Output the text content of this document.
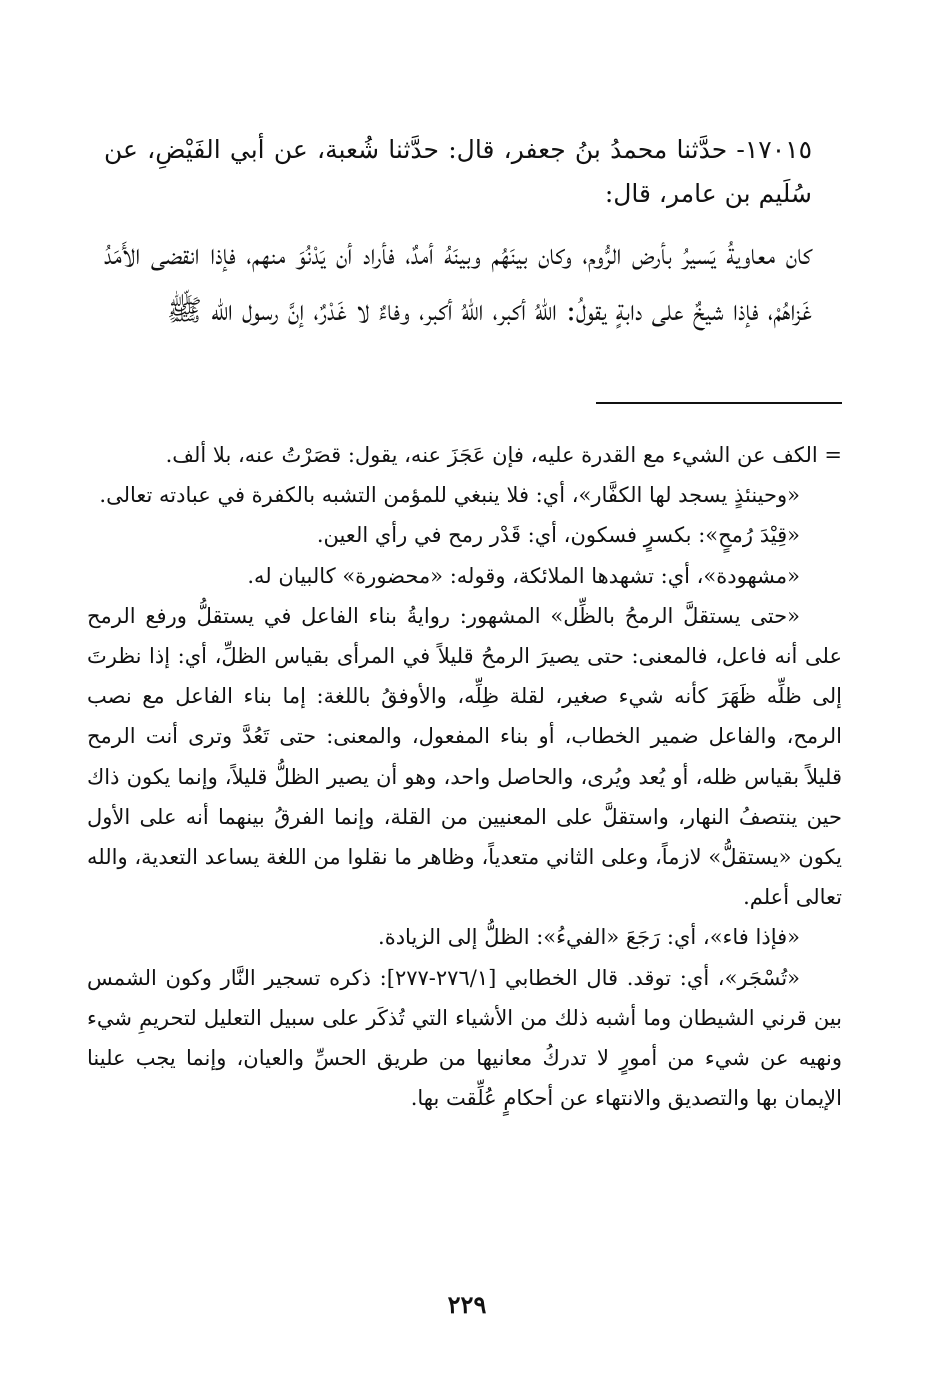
١٧٠١٥- حدَّثنا محمدُ بنُ جعفر، قال: حدَّثنا شُعبة، عن أبي الفَيْضِ، عن سُلَيم بن عامر، قال:

كان معاويةُ يَسيرُ بأرض الرُّوم، وكان بينَهُم وبينَهُ أمدٌ، فأراد أن يَدْنُوَ منهم، فإذا انقضى الأَمَدُ غَزاهُمْ، فإذا شيخٌ على دابةٍ يقولُ: اللهُ أكبر، اللهُ أكبر، وفاءٌ لا غَدْرٌ، إنَّ رسول الله ﷺ

= الكف عن الشيء مع القدرة عليه، فإن عَجَزَ عنه، يقول: قصَرْتُ عنه، بلا ألف.

«وحينئذٍ يسجد لها الكفَّار»، أي: فلا ينبغي للمؤمن التشبه بالكفرة في عبادته تعالى.

«قِيْدَ رُمحٍ»: بكسرٍ فسكون، أي: قَدْر رمح في رأي العين.

«مشهودة»، أي: تشهدها الملائكة، وقوله: «محضورة» كالبيان له.

«حتى يستقلَّ الرمحُ بالظِّل» المشهور: روايةُ بناء الفاعل في يستقلُّ ورفع الرمح على أنه فاعل، فالمعنى: حتى يصيرَ الرمحُ قليلاً في المرأى بقياس الظلِّ، أي: إذا نظرتَ إلى ظلِّه ظَهَرَ كأنه شيء صغير، لقلة ظِلِّه، والأوفقُ باللغة: إما بناء الفاعل مع نصب الرمح، والفاعل ضمير الخطاب، أو بناء المفعول، والمعنى: حتى تَعُدَّ وترى أنت الرمح قليلاً بقياس ظله، أو يُعد ويُرى، والحاصل واحد، وهو أن يصير الظلُّ قليلاً، وإنما يكون ذاك حين ينتصفُ النهار، واستقلَّ على المعنيين من القلة، وإنما الفرقُ بينهما أنه على الأول يكون «يستقلُّ» لازماً، وعلى الثاني متعدياً، وظاهر ما نقلوا من اللغة يساعد التعدية، والله تعالى أعلم.

«فإذا فاء»، أي: رَجَعَ «الفيءُ»: الظلُّ إلى الزيادة.

«تُسْجَر»، أي: توقد. قال الخطابي [٢٧٦/١-٢٧٧]: ذكره تسجير النَّار وكون الشمس بين قرني الشيطان وما أشبه ذلك من الأشياء التي تُذكَر على سبيل التعليل لتحريمِ شيء ونهيه عن شيء من أمورٍ لا تدركُ معانيها من طريق الحسِّ والعيان، وإنما يجب علينا الإيمان بها والتصديق والانتهاء عن أحكامٍ عُلِّقت بها.

٢٢٩
